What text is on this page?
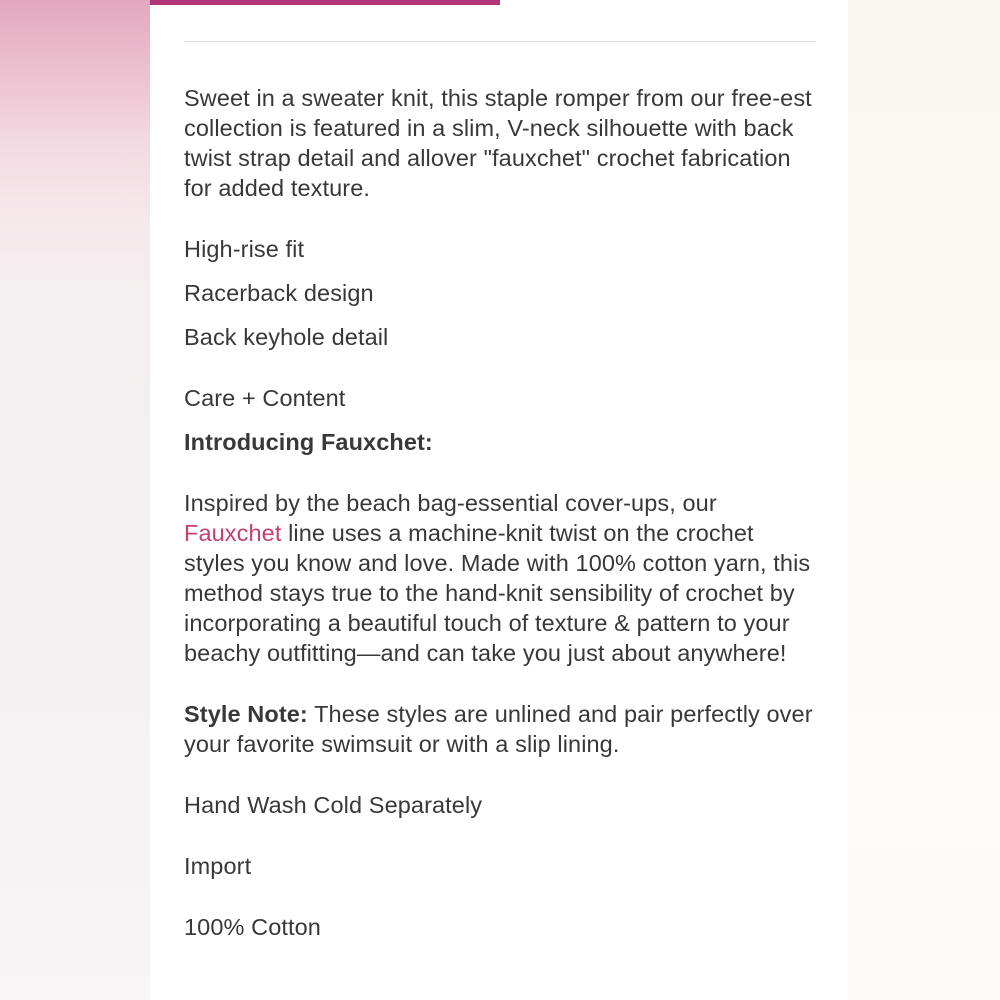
Sweet in a sweater knit, this staple romper from our free-est collection is featured in a slim, V-neck silhouette with back twist strap detail and allover "fauxchet" crochet fabrication for added texture.

High-rise fit

Racerback design

Back keyhole detail

Care + Content

Introducing Fauxchet:

Inspired by the beach bag-essential cover-ups, our Fauxchet line uses a machine-knit twist on the crochet styles you know and love. Made with 100% cotton yarn, this method stays true to the hand-knit sensibility of crochet by incorporating a beautiful touch of texture & pattern to your beachy outfitting—and can take you just about anywhere!

Style Note: These styles are unlined and pair perfectly over your favorite swimsuit or with a slip lining.

Hand Wash Cold Separately

Import

100% Cotton
